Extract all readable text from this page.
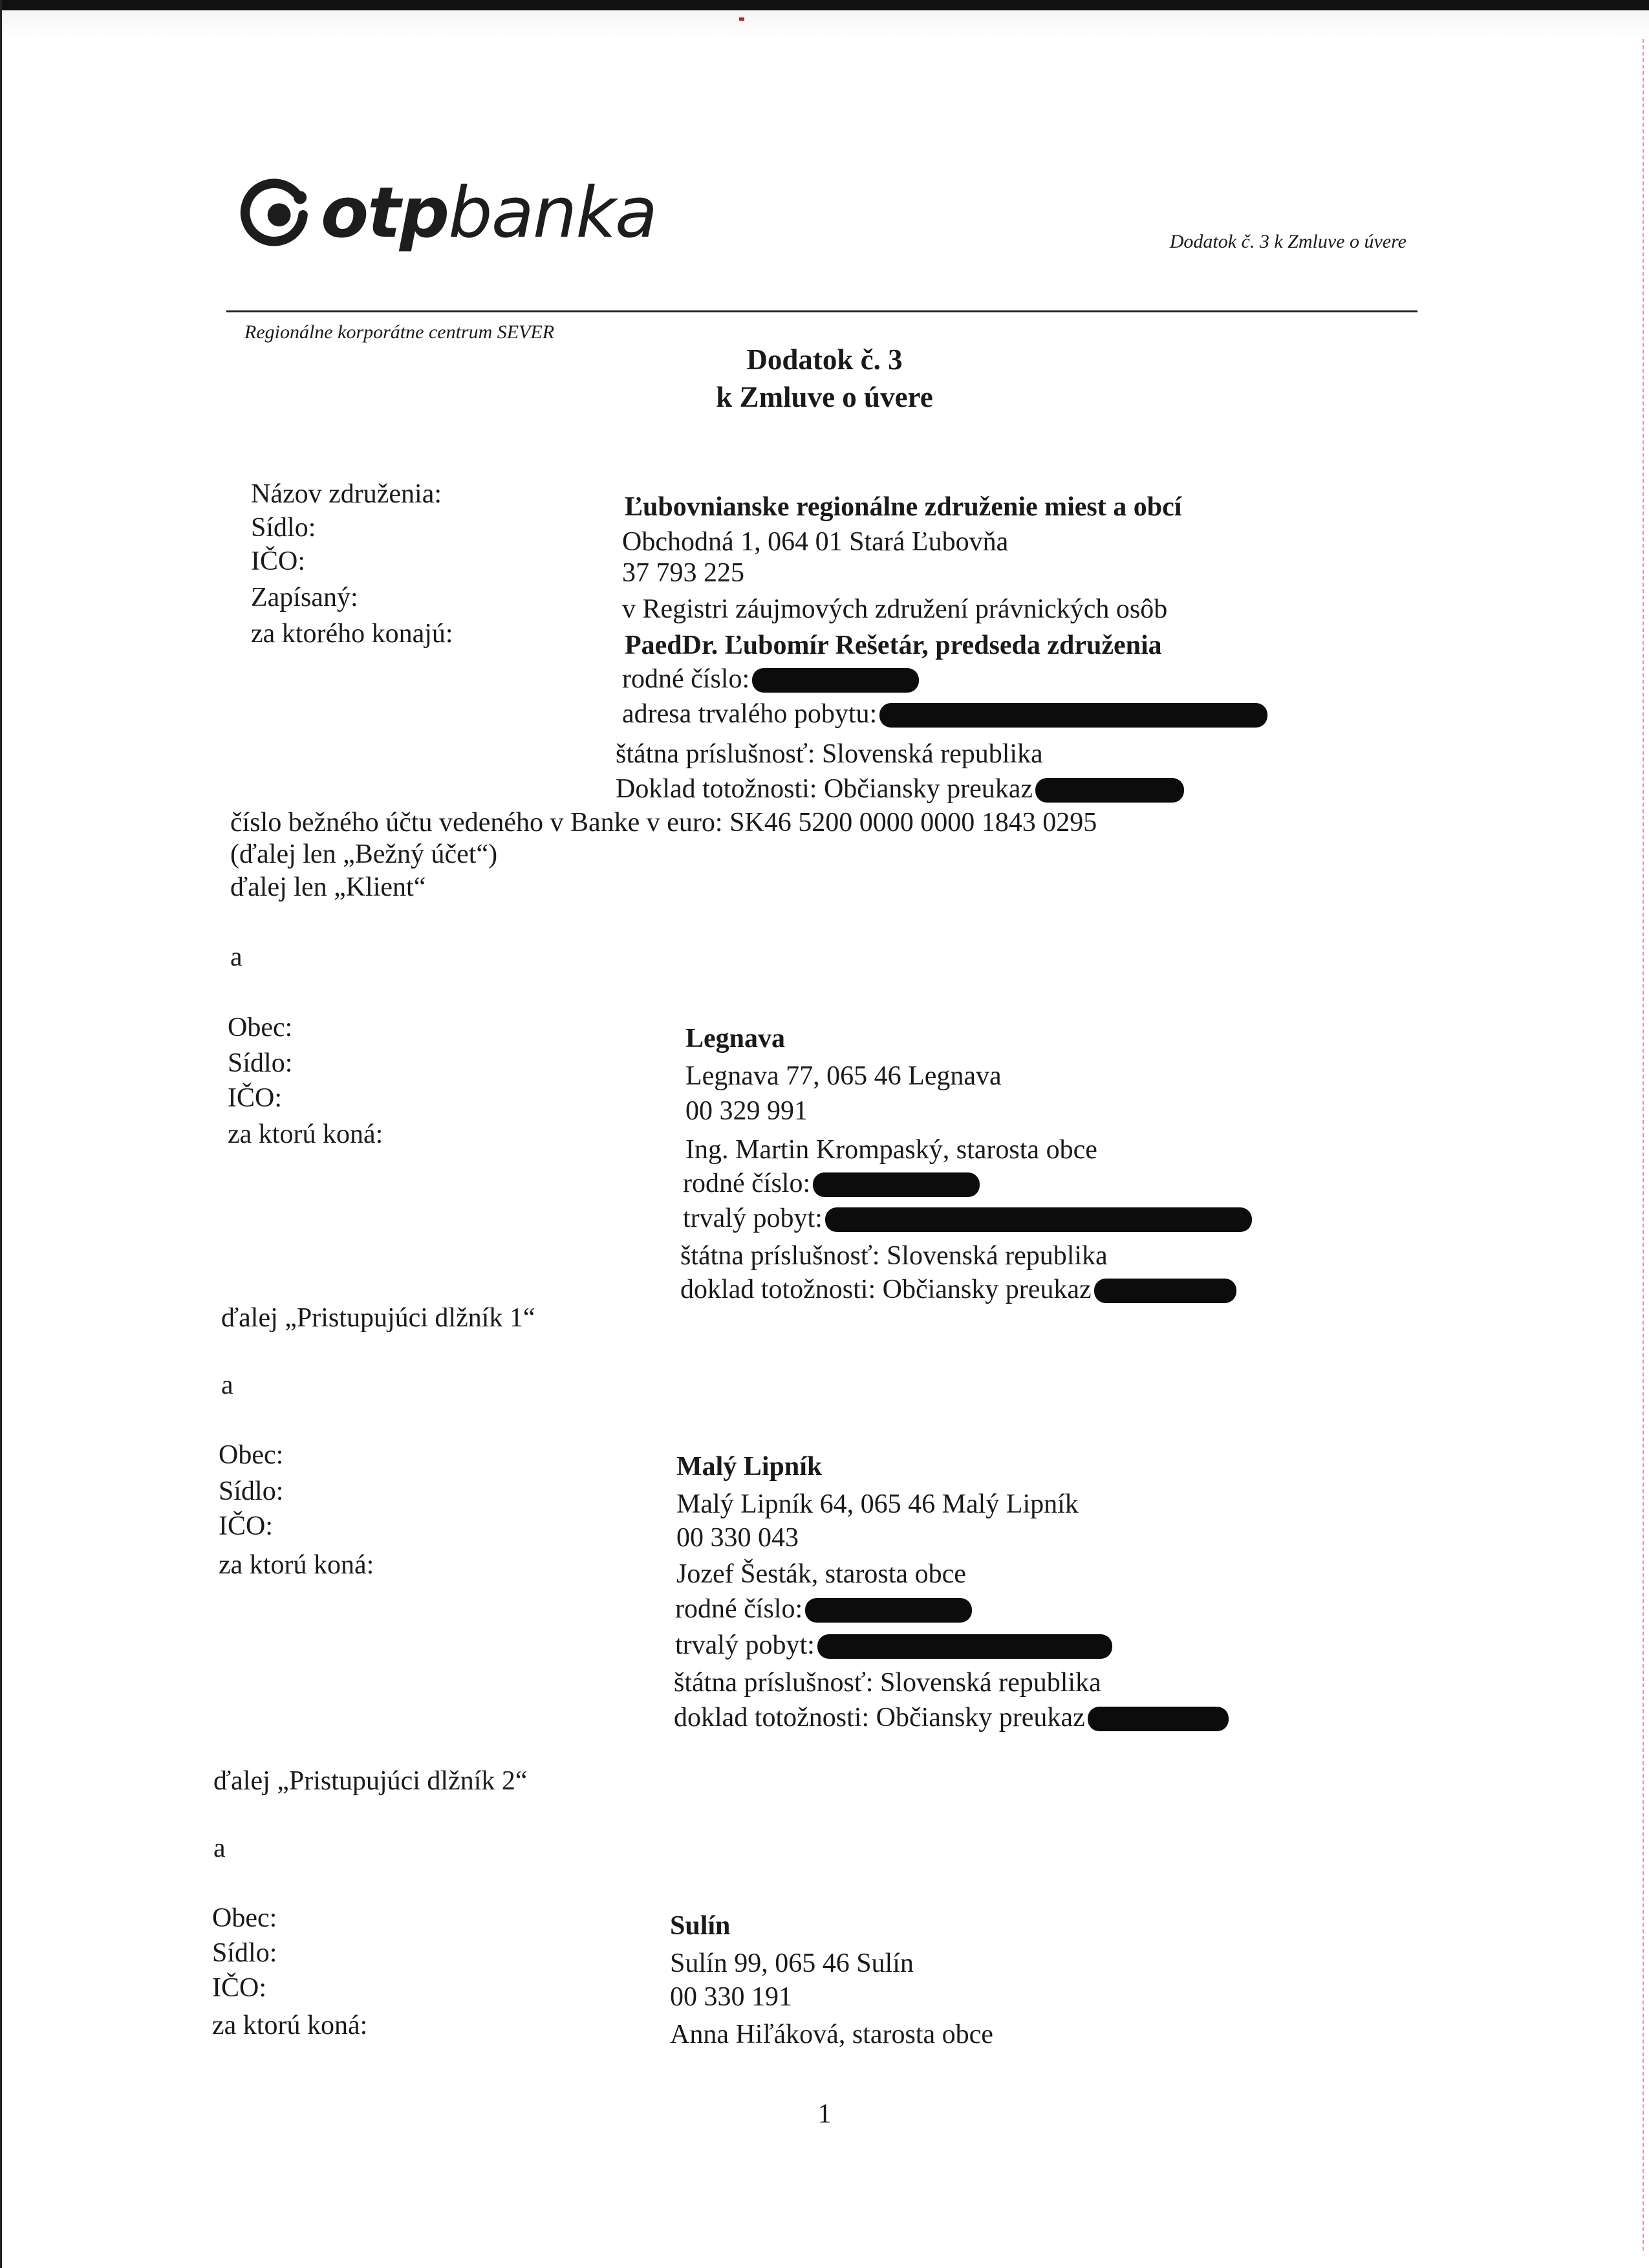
otpbanka	Dodatok č. 3 k Zmluve o úvere
Regionálne korporátne centrum SEVER
Dodatok č. 3
k Zmluve o úvere
Názov združenia:
Sídlo:
IČO:
Zapísaný:
za ktorého konajú:
Ľubovnianske regionálne združenie miest a obcí
Obchodná 1, 064 01 Stará Ľubovňa
37 793 225
v Registri záujmových združení právnických osôb
PaedDr. Ľubomír Rešetár, predseda združenia
rodné číslo:
adresa trvalého pobytu:
štátna príslušnosť: Slovenská republika
Doklad totožnosti: Občiansky preukaz
číslo bežného účtu vedeného v Banke v euro: SK46 5200 0000 0000 1843 0295
(ďalej len „Bežný účet“)
ďalej len „Klient“
a
Obec:
Sídlo:
IČO:
za ktorú koná:
Legnava
Legnava 77, 065 46 Legnava
00 329 991
Ing. Martin Krompaský, starosta obce
rodné číslo:
trvalý pobyt:
štátna príslušnosť: Slovenská republika
doklad totožnosti: Občiansky preukaz
ďalej „Pristupujúci dlžník 1“
a
Obec:
Sídlo:
IČO:
za ktorú koná:
Malý Lipník
Malý Lipník 64, 065 46 Malý Lipník
00 330 043
Jozef Šesták, starosta obce
rodné číslo:
trvalý pobyt:
štátna príslušnosť: Slovenská republika
doklad totožnosti: Občiansky preukaz
ďalej „Pristupujúci dlžník 2“
a
Obec:
Sídlo:
IČO:
za ktorú koná:
Sulín
Sulín 99, 065 46 Sulín
00 330 191
Anna Hiľáková, starosta obce
1
